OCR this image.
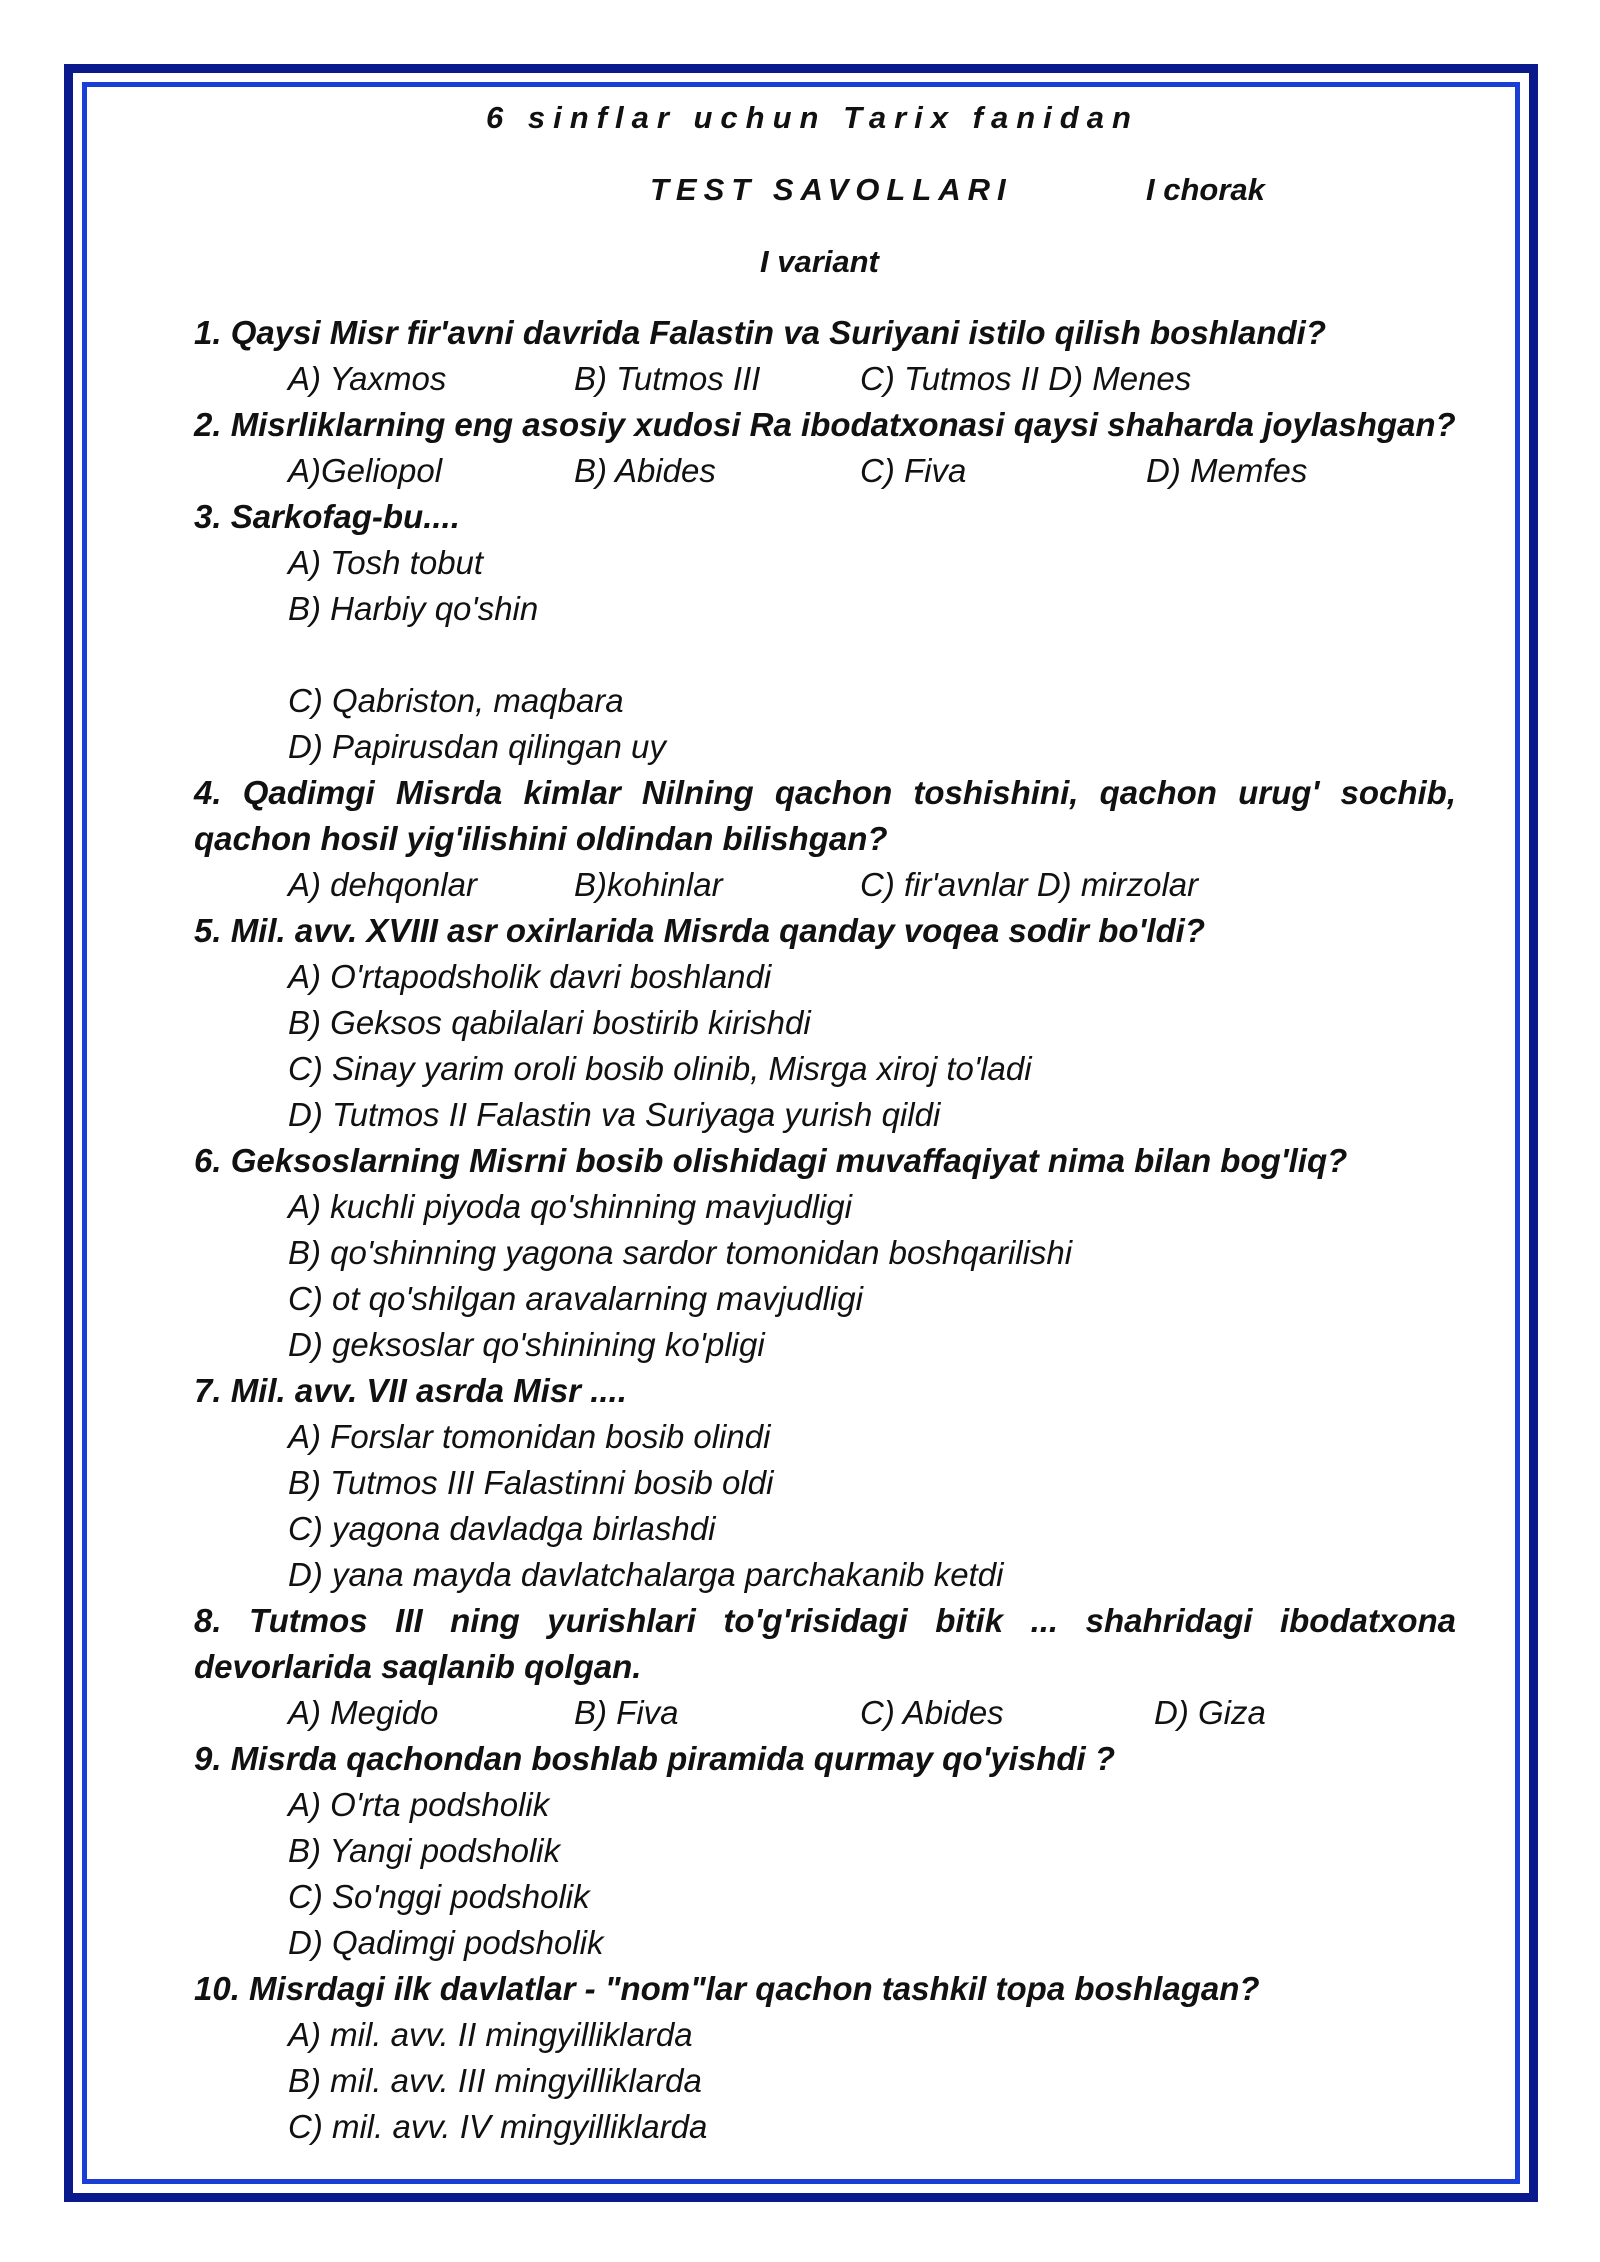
6 sinflar uchun Tarix fanidan
TEST SAVOLLARI	I chorak
I variant
1. Qaysi Misr fir'avni davrida Falastin va Suriyani istilo qilish boshlandi?
A) Yaxmos	B) Tutmos III	C) Tutmos II D) Menes
2. Misrliklarning eng asosiy xudosi Ra ibodatxonasi qaysi shaharda joylashgan?
A)Geliopol	B) Abides	C) Fiva	D) Memfes
3. Sarkofag-bu....
A) Tosh tobut
B) Harbiy qo'shin
C) Qabriston, maqbara
D) Papirusdan qilingan uy
4. Qadimgi Misrda kimlar Nilning qachon toshishini, qachon urug' sochib, qachon hosil yig'ilishini oldindan bilishgan?
A) dehqonlar	B)kohinlar	C) fir'avnlar D) mirzolar
5. Mil. avv. XVIII asr oxirlarida Misrda qanday voqea sodir bo'ldi?
A) O'rtapodsholik davri boshlandi
B) Geksos qabilalari bostirib kirishdi
C) Sinay yarim oroli bosib olinib, Misrga xiroj to'ladi
D) Tutmos II Falastin va Suriyaga yurish qildi
6. Geksoslarning Misrni bosib olishidagi muvaffaqiyat nima bilan bog'liq?
A) kuchli piyoda qo'shinning mavjudligi
B) qo'shinning yagona sardor tomonidan boshqarilishi
C) ot qo'shilgan aravalarning mavjudligi
D) geksoslar qo'shinining ko'pligi
7. Mil. avv. VII asrda Misr ....
A) Forslar tomonidan bosib olindi
B) Tutmos III Falastinni bosib oldi
C) yagona davladga birlashdi
D) yana mayda davlatchalarga parchakanib ketdi
8. Tutmos III ning yurishlari to'g'risidagi bitik ... shahridagi ibodatxona devorlarida saqlanib qolgan.
A) Megido	B) Fiva	C) Abides	D) Giza
9. Misrda qachondan boshlab piramida qurmay qo'yishdi ?
A) O'rta podsholik
B) Yangi podsholik
C) So'nggi podsholik
D) Qadimgi podsholik
10. Misrdagi ilk davlatlar - "nom"lar qachon tashkil topa boshlagan?
A) mil. avv. II mingyilliklarda
B) mil. avv. III mingyilliklarda
C) mil. avv. IV mingyilliklarda
